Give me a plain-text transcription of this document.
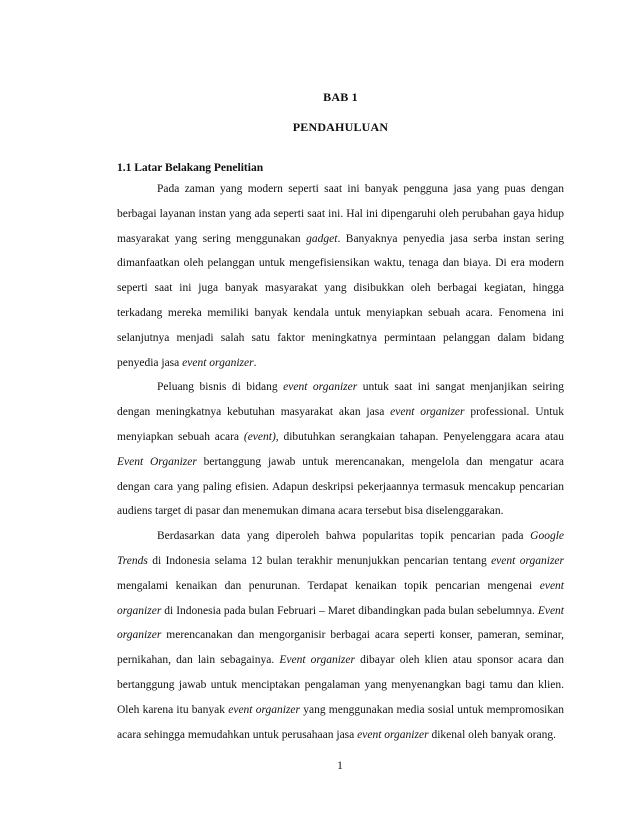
BAB 1
PENDAHULUAN
1.1 Latar Belakang Penelitian

Pada zaman yang modern seperti saat ini banyak pengguna jasa yang puas dengan berbagai layanan instan yang ada seperti saat ini. Hal ini dipengaruhi oleh perubahan gaya hidup masyarakat yang sering menggunakan gadget. Banyaknya penyedia jasa serba instan sering dimanfaatkan oleh pelanggan untuk mengefisiensikan waktu, tenaga dan biaya. Di era modern seperti saat ini juga banyak masyarakat yang disibukkan oleh berbagai kegiatan, hingga terkadang mereka memiliki banyak kendala untuk menyiapkan sebuah acara. Fenomena ini selanjutnya menjadi salah satu faktor meningkatnya permintaan pelanggan dalam bidang penyedia jasa event organizer.

Peluang bisnis di bidang event organizer untuk saat ini sangat menjanjikan seiring dengan meningkatnya kebutuhan masyarakat akan jasa event organizer professional. Untuk menyiapkan sebuah acara (event), dibutuhkan serangkaian tahapan. Penyelenggara acara atau Event Organizer bertanggung jawab untuk merencanakan, mengelola dan mengatur acara dengan cara yang paling efisien. Adapun deskripsi pekerjaannya termasuk mencakup pencarian audiens target di pasar dan menemukan dimana acara tersebut bisa diselenggarakan.

Berdasarkan data yang diperoleh bahwa popularitas topik pencarian pada Google Trends di Indonesia selama 12 bulan terakhir menunjukkan pencarian tentang event organizer mengalami kenaikan dan penurunan. Terdapat kenaikan topik pencarian mengenai event organizer di Indonesia pada bulan Februari – Maret dibandingkan pada bulan sebelumnya. Event organizer merencanakan dan mengorganisir berbagai acara seperti konser, pameran, seminar, pernikahan, dan lain sebagainya. Event organizer dibayar oleh klien atau sponsor acara dan bertanggung jawab untuk menciptakan pengalaman yang menyenangkan bagi tamu dan klien. Oleh karena itu banyak event organizer yang menggunakan media sosial untuk mempromosikan acara sehingga memudahkan untuk perusahaan jasa event organizer dikenal oleh banyak orang.

1
